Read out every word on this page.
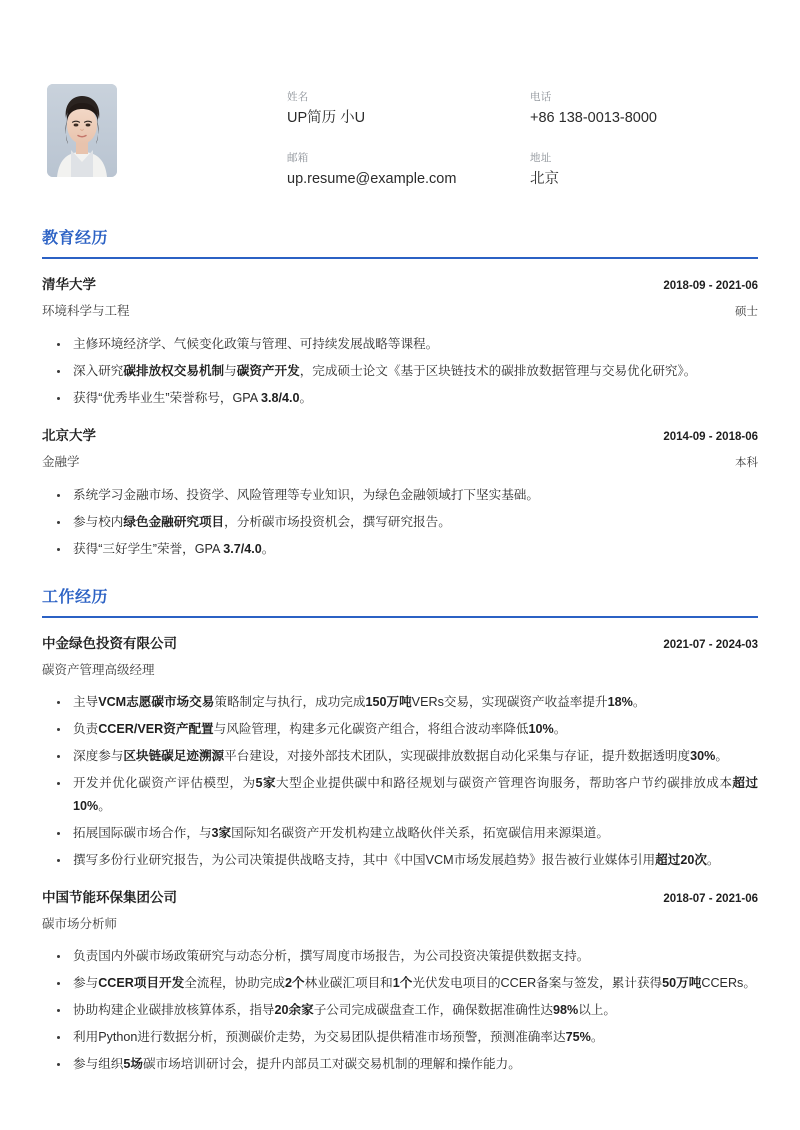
姓名
UP简历 小U
电话
+86 138-0013-8000
邮箱
up.resume@example.com
地址
北京
教育经历
清华大学	2018-09 - 2021-06
环境科学与工程	硕士
主修环境经济学、气候变化政策与管理、可持续发展战略等课程。
深入研究碳排放权交易机制与碳资产开发，完成硕士论文《基于区块链技术的碳排放数据管理与交易优化研究》。
获得“优秀毕业生”荣誉称号，GPA 3.8/4.0。
北京大学	2014-09 - 2018-06
金融学	本科
系统学习金融市场、投资学、风险管理等专业知识，为绿色金融领域打下坚实基础。
参与校内绿色金融研究项目，分析碳市场投资机会，撰写研究报告。
获得“三好学生”荣誉，GPA 3.7/4.0。
工作经历
中金绿色投资有限公司	2021-07 - 2024-03
碳资产管理高级经理
主导VCM志愿碳市场交易策略制定与执行，成功完成150万吨VERs交易，实现碳资产收益率提升18%。
负责CCER/VER资产配置与风险管理，构建多元化碳资产组合，将组合波动率降低10%。
深度参与区块链碳足迹溯源平台建设，对接外部技术团队，实现碳排放数据自动化采集与存证，提升数据透明度30%。
开发并优化碳资产评估模型，为5家大型企业提供碳中和路径规划与碳资产管理咨询服务，帮助客户节约碳排放成本超过10%。
拓展国际碳市场合作，与3家国际知名碳资产开发机构建立战略伙伴关系，拓宽碳信用来源渠道。
撰写多份行业研究报告，为公司决策提供战略支持，其中《中国VCM市场发展趋势》报告被行业媒体引用超过20次。
中国节能环保集团公司	2018-07 - 2021-06
碳市场分析师
负责国内外碳市场政策研究与动态分析，撰写周度市场报告，为公司投资决策提供数据支持。
参与CCER项目开发全流程，协助完成2个林业碳汇项目和1个光伏发电项目的CCER备案与签发，累计获得50万吨CCERs。
协助构建企业碳排放核算体系，指导20余家子公司完成碳盘查工作，确保数据准确性达98%以上。
利用Python进行数据分析，预测碳价走势，为交易团队提供精准市场预警，预测准确率达75%。
参与组织5场碳市场培训研讨会，提升内部员工对碳交易机制的理解和操作能力。
